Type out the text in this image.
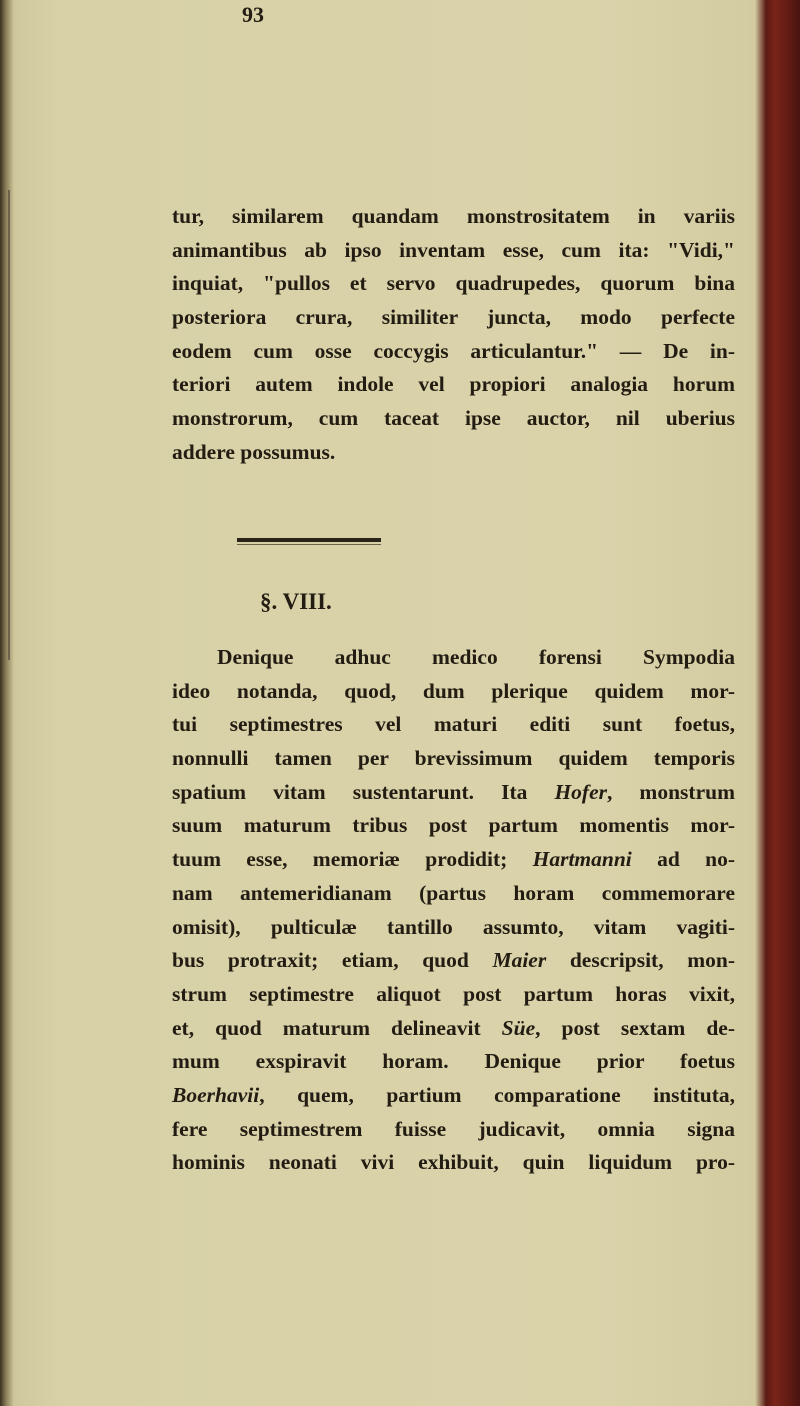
93
tur, similarem quandam monstrositatem in variis
animantibus ab ipso inventam esse, cum ita: "Vidi,"
inquiat, "pullos et servo quadrupedes, quorum bina
posteriora crura, similiter juncta, modo perfecte
eodem cum osse coccygis articulantur." — De in-
teriori autem indole vel propiori analogia horum
monstrorum, cum taceat ipse auctor, nil uberius
addere possumus.
§. VIII.
Denique adhuc medico forensi Sympodia
ideo notanda, quod, dum plerique quidem mor-
tui septimestres vel maturi editi sunt foetus,
nonnulli tamen per brevissimum quidem temporis
spatium vitam sustentarunt. Ita Hofer, monstrum
suum maturum tribus post partum momentis mor-
tuum esse, memoriæ prodidit; Hartmanni ad no-
nam antemeridianam (partus horam commemorare
omisit), pulticulæ tantillo assumto, vitam vagiti-
bus protraxit; etiam, quod Maier descripsit, mon-
strum septimestre aliquot post partum horas vixit,
et, quod maturum delineavit Süe, post sextam de-
mum exspiravit horam. Denique prior foetus
Boerhavii, quem, partium comparatione instituta,
fere septimestrem fuisse judicavit, omnia signa
hominis neonati vivi exhibuit, quin liquidum pro-
